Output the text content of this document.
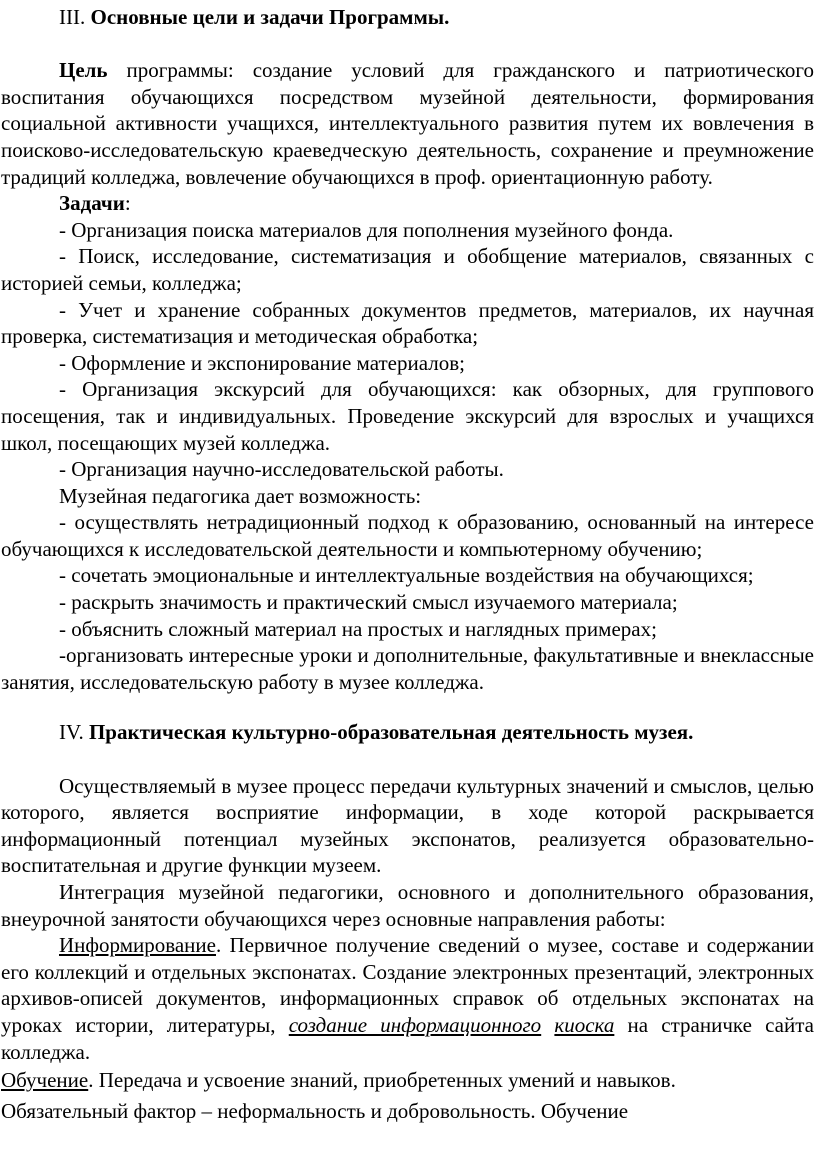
III. Основные цели и задачи Программы.

Цель программы: создание условий для гражданского и патриотического воспитания обучающихся посредством музейной деятельности, формирования социальной активности учащихся, интеллектуального развития путем их вовлечения в поисково-исследовательскую краеведческую деятельность, сохранение и преумножение традиций колледжа, вовлечение обучающихся в проф. ориентационную работу.

Задачи:

- Организация поиска материалов для пополнения музейного фонда.

- Поиск, исследование, систематизация и обобщение материалов, связанных с историей семьи, колледжа;

- Учет и хранение собранных документов предметов, материалов, их научная проверка, систематизация и методическая обработка;

- Оформление и экспонирование материалов;

- Организация экскурсий для обучающихся: как обзорных, для группового посещения, так и индивидуальных. Проведение экскурсий для взрослых и учащихся школ, посещающих музей колледжа.

- Организация научно-исследовательской работы.

Музейная педагогика дает возможность:

- осуществлять нетрадиционный подход к образованию, основанный на интересе обучающихся к исследовательской деятельности и компьютерному обучению;

- сочетать эмоциональные и интеллектуальные воздействия на обучающихся;

- раскрыть значимость и практический смысл изучаемого материала;

- объяснить сложный материал на простых и наглядных примерах;

-организовать интересные уроки и дополнительные, факультативные и внеклассные занятия, исследовательскую работу в музее колледжа.

IV. Практическая культурно-образовательная деятельность музея.

Осуществляемый в музее процесс передачи культурных значений и смыслов, целью которого, является восприятие информации, в ходе которой раскрывается информационный потенциал музейных экспонатов, реализуется образовательно-воспитательная и другие функции музеем.

Интеграция музейной педагогики, основного и дополнительного образования, внеурочной занятости обучающихся через основные направления работы:

Информирование. Первичное получение сведений о музее, составе и содержании его коллекций и отдельных экспонатах. Создание электронных презентаций, электронных архивов-описей документов, информационных справок об отдельных экспонатах на уроках истории, литературы, создание информационного киоска на страничке сайта колледжа.

Обучение. Передача и усвоение знаний, приобретенных умений и навыков.

Обязательный фактор – неформальность и добровольность. Обучение
